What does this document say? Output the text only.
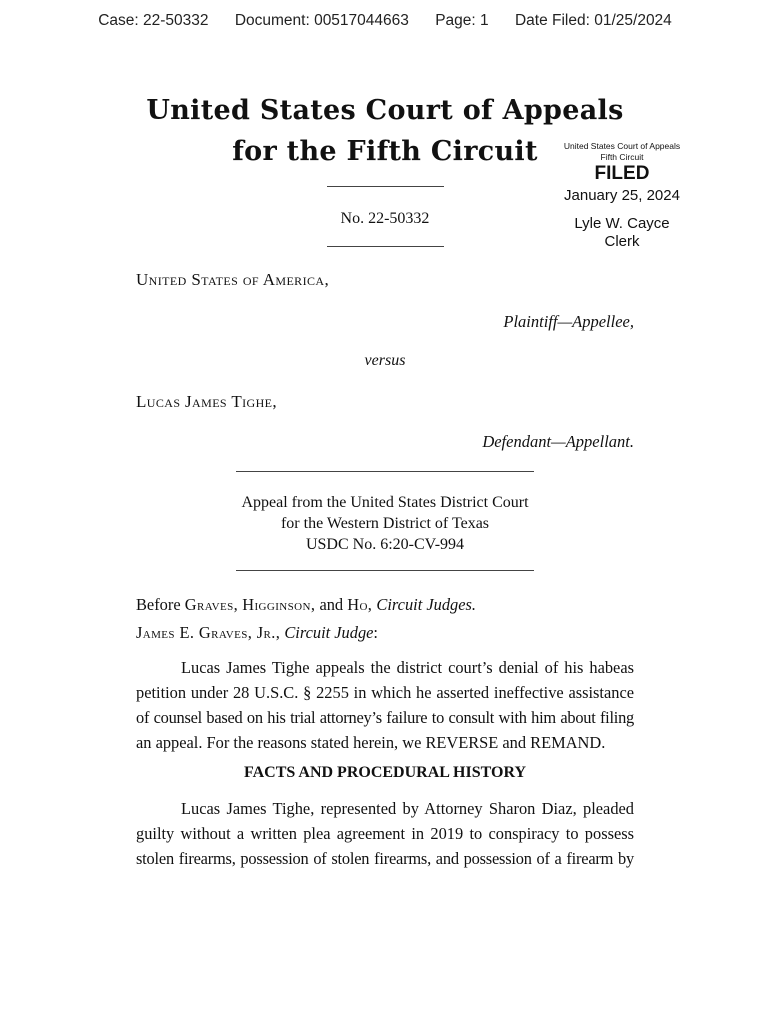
Case: 22-50332 Document: 00517044663 Page: 1 Date Filed: 01/25/2024
United States Court of Appeals
for the Fifth Circuit	United States Court of Appeals
Fifth Circuit
FILED
January 25, 2024
Lyle W. Cayce
Clerk
No. 22-50332
United States of America,
Plaintiff—Appellee,
versus
Lucas James Tighe,
Defendant—Appellant.
Appeal from the United States District Court
for the Western District of Texas
USDC No. 6:20-CV-994
Before Graves, Higginson, and Ho, Circuit Judges.
James E. Graves, Jr., Circuit Judge:
Lucas James Tighe appeals the district court’s denial of his habeas
petition under 28 U.S.C. § 2255 in which he asserted ineffective assistance
of counsel based on his trial attorney’s failure to consult with him about filing
an appeal. For the reasons stated herein, we REVERSE and REMAND.
FACTS AND PROCEDURAL HISTORY
Lucas James Tighe, represented by Attorney Sharon Diaz, pleaded
guilty without a written plea agreement in 2019 to conspiracy to possess
stolen firearms, possession of stolen firearms, and possession of a firearm by
